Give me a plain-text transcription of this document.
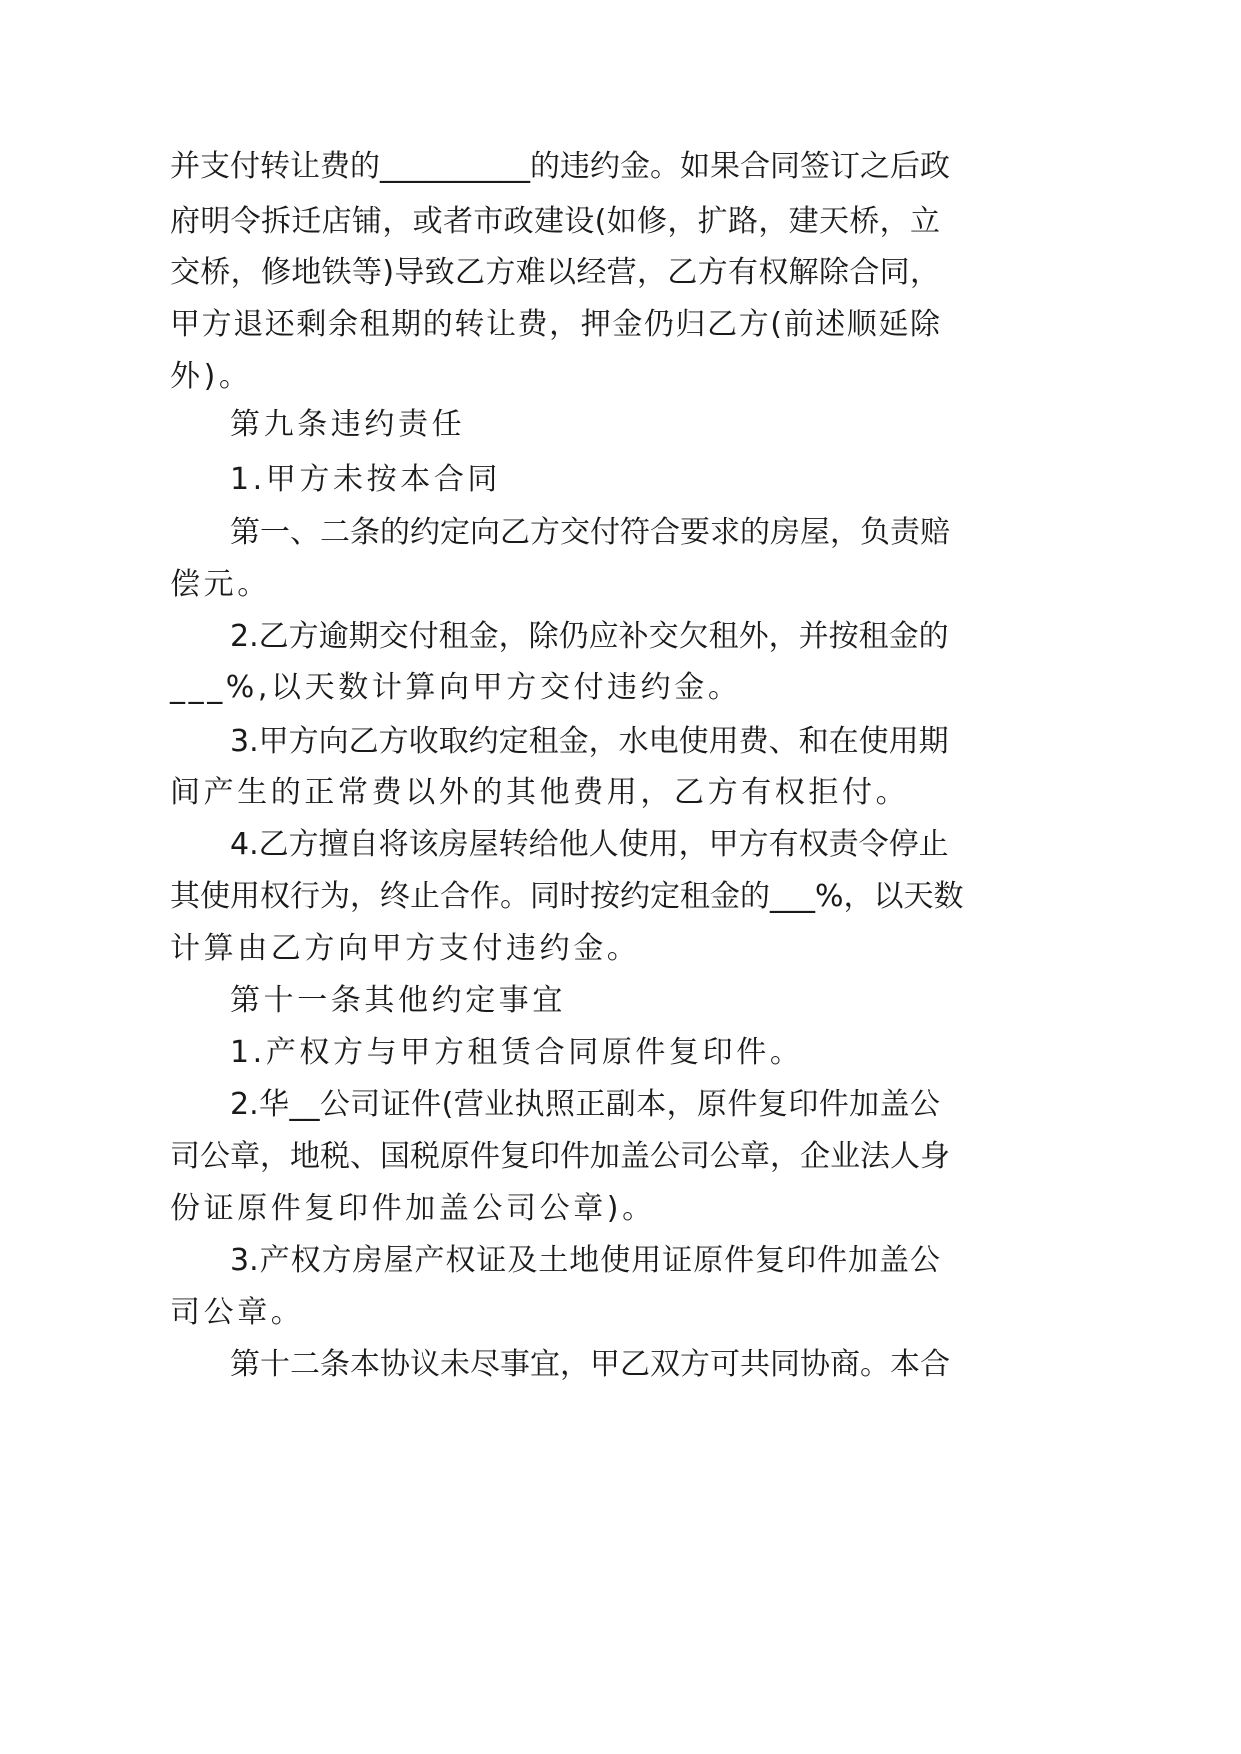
并支付转让费的__________的违约金。如果合同签订之后政
府明令拆迁店铺，或者市政建设(如修，扩路，建天桥，立
交桥，修地铁等)导致乙方难以经营，乙方有权解除合同，
甲方退还剩余租期的转让费，押金仍归乙方(前述顺延除
外)。
第九条违约责任
1.甲方未按本合同
第一、二条的约定向乙方交付符合要求的房屋，负责赔
偿元。
2.乙方逾期交付租金，除仍应补交欠租外，并按租金的
___%,以天数计算向甲方交付违约金。
3.甲方向乙方收取约定租金，水电使用费、和在使用期
间产生的正常费以外的其他费用，乙方有权拒付。
4.乙方擅自将该房屋转给他人使用，甲方有权责令停止
其使用权行为，终止合作。同时按约定租金的___%，以天数
计算由乙方向甲方支付违约金。
第十一条其他约定事宜
1.产权方与甲方租赁合同原件复印件。
2.华__公司证件(营业执照正副本，原件复印件加盖公
司公章，地税、国税原件复印件加盖公司公章，企业法人身
份证原件复印件加盖公司公章)。
3.产权方房屋产权证及土地使用证原件复印件加盖公
司公章。
第十二条本协议未尽事宜，甲乙双方可共同协商。本合
